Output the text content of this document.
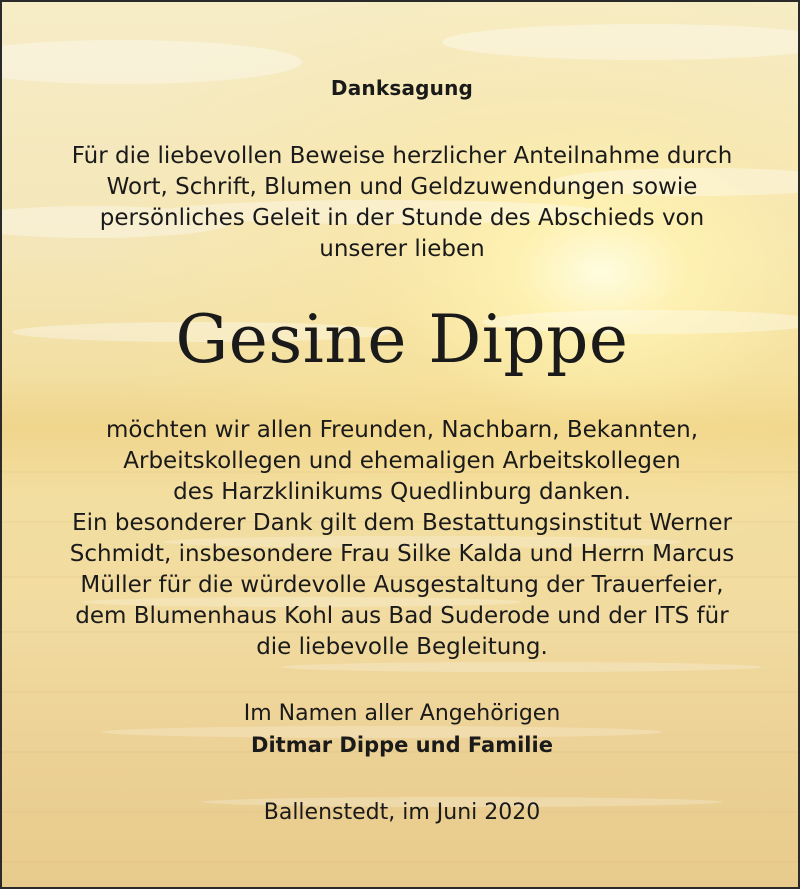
Danksagung
Für die liebevollen Beweise herzlicher Anteilnahme durch
Wort, Schrift, Blumen und Geldzuwendungen sowie
persönliches Geleit in der Stunde des Abschieds von
unserer lieben
Gesine Dippe
möchten wir allen Freunden, Nachbarn, Bekannten,
Arbeitskollegen und ehemaligen Arbeitskollegen
des Harzklinikums Quedlinburg danken.
Ein besonderer Dank gilt dem Bestattungsinstitut Werner
Schmidt, insbesondere Frau Silke Kalda und Herrn Marcus
Müller für die würdevolle Ausgestaltung der Trauerfeier,
dem Blumenhaus Kohl aus Bad Suderode und der ITS für
die liebevolle Begleitung.
Im Namen aller Angehörigen
Ditmar Dippe und Familie
Ballenstedt, im Juni 2020
